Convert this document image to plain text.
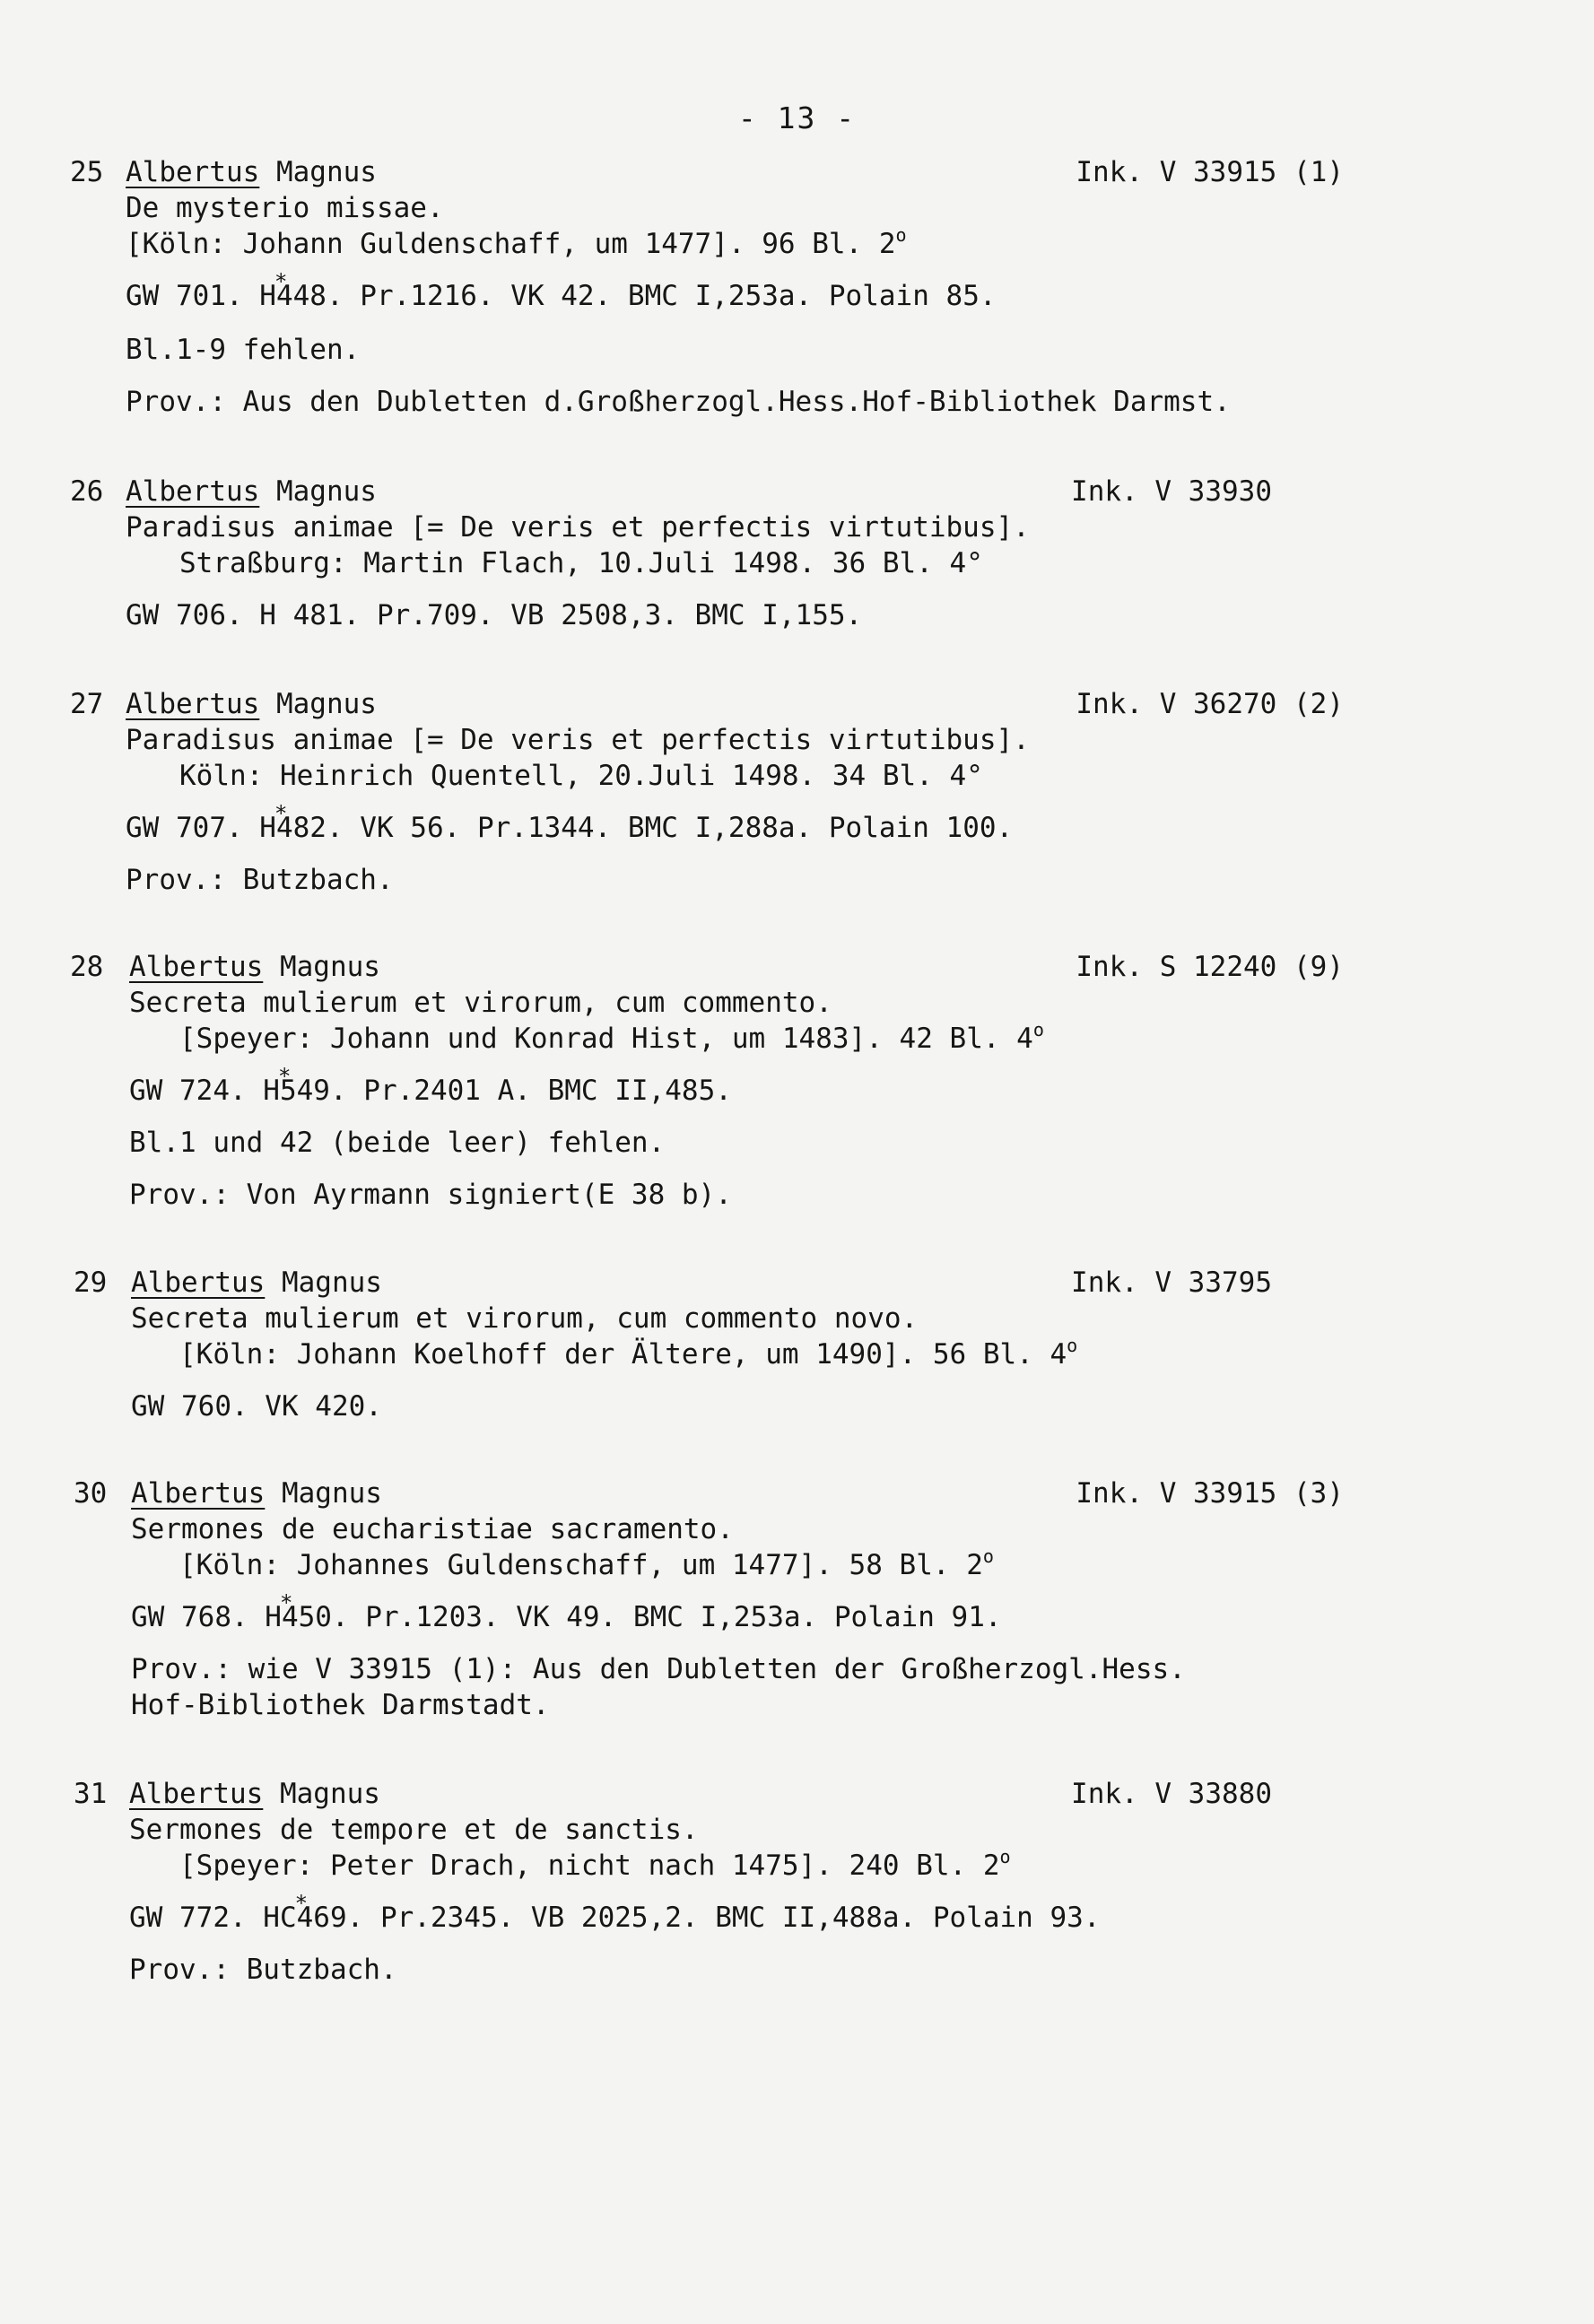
- 13 -
25 Albertus Magnus	Ink. V 33915 (1)
De mysterio missae.
[Köln: Johann Guldenschaff, um 1477]. 96 Bl. 2$^o$
GW 701. H* 448. Pr.1216. VK 42. BMC I,253a. Polain 85.
Bl.1-9 fehlen.
Prov.: Aus den Dubletten d.Großherzogl.Hess.Hof-Bibliothek Darmst.
26 Albertus Magnus	Ink. V 33930
Paradisus animae [= De veris et perfectis virtutibus].
Straßburg: Martin Flach, 10.Juli 1498. 36 Bl. 4°
GW 706. H 481. Pr.709. VB 2508,3. BMC I,155.
27 Albertus Magnus	Ink. V 36270 (2)
Paradisus animae [= De veris et perfectis virtutibus].
Köln: Heinrich Quentell, 20.Juli 1498. 34 Bl. 4°
GW 707. H* 482. VK 56. Pr.1344. BMC I,288a. Polain 100.
Prov.: Butzbach.
28 Albertus Magnus	Ink. S 12240 (9)
Secreta mulierum et virorum, cum commento.
[Speyer: Johann und Konrad Hist, um 1483]. 42 Bl. 4$^o$
GW 724. H* 549. Pr.2401 A. BMC II,485.
Bl.1 und 42 (beide leer) fehlen.
Prov.: Von Ayrmann signiert(E 38 b).
29 Albertus Magnus	Ink. V 33795
Secreta mulierum et virorum, cum commento novo.
[Köln: Johann Koelhoff der Ältere, um 1490]. 56 Bl. 4$^o$
GW 760. VK 420.
30 Albertus Magnus	Ink. V 33915 (3)
Sermones de eucharistiae sacramento.
[Köln: Johannes Guldenschaff, um 1477]. 58 Bl. 2$^o$
GW 768. H* 450. Pr.1203. VK 49. BMC I,253a. Polain 91.
Prov.: wie V 33915 (1): Aus den Dubletten der Großherzogl.Hess.
Hof-Bibliothek Darmstadt.
31 Albertus Magnus	Ink. V 33880
Sermones de tempore et de sanctis.
[Speyer: Peter Drach, nicht nach 1475]. 240 Bl. 2$^o$
GW 772. HC* 469. Pr.2345. VB 2025,2. BMC II,488a. Polain 93.
Prov.: Butzbach.
